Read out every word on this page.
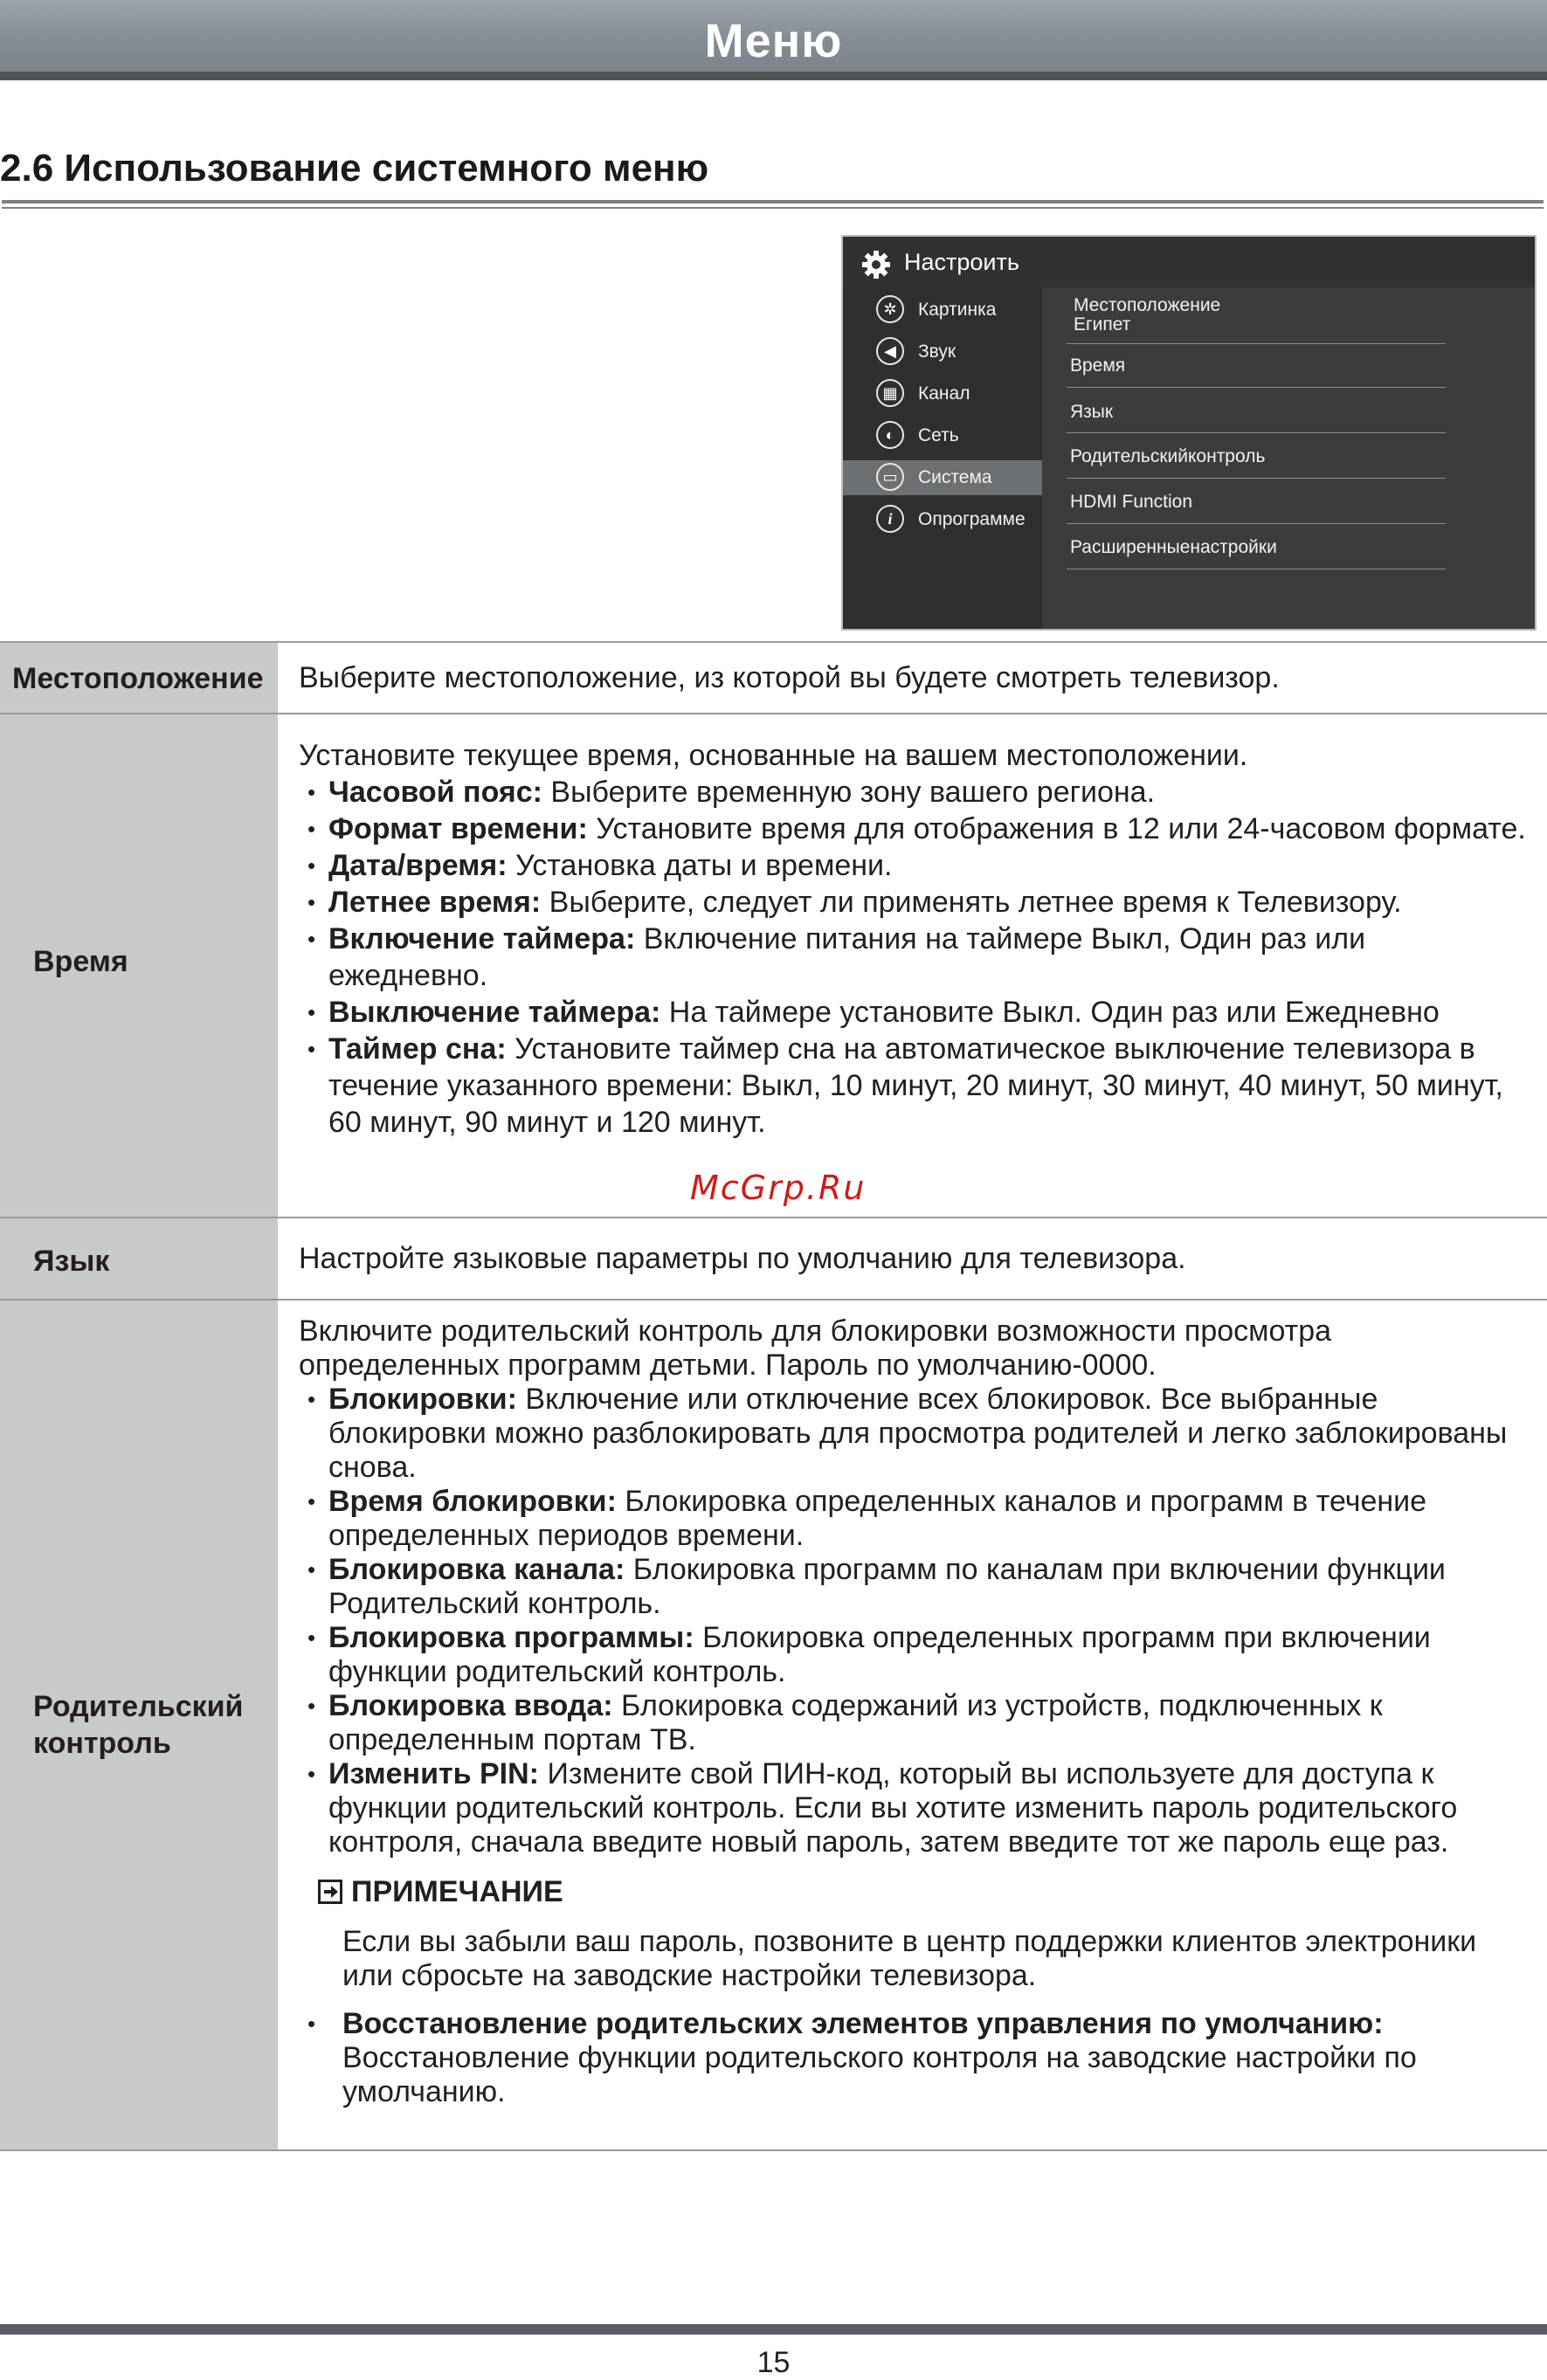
Меню
2.6 Использование системного меню
Настроить
✲	Картинка
◀	Звук
▦	Канал
◐	Сеть
▭	Система
i	Опрограмме
Местоположение
Египет
Время
Язык
Родительскийконтроль
HDMI Function
Расширенныенастройки
Местоположение Выберите местоположение, из которой вы будете смотреть телевизор.
Время
Установите текущее время, основанные на вашем местоположении.
• Часовой пояс: Выберите временную зону вашего региона.
• Формат времени: Установите время для отображения в 12 или 24-часовом формате.
• Дата/время: Установка даты и времени.
• Летнее время: Выберите, следует ли применять летнее время к Телевизору.
• Включение таймера: Включение питания на таймере Выкл, Один раз или ежедневно.
• Выключение таймера: На таймере установите Выкл. Один раз или Ежедневно
• Таймер сна: Установите таймер сна на автоматическое выключение телевизора в течение указанного времени: Выкл, 10 минут, 20 минут, 30 минут, 40 минут, 50 минут, 60 минут, 90 минут и 120 минут.
Язык	Настройте языковые параметры по умолчанию для телевизора.
Родительский контроль
Включите родительский контроль для блокировки возможности просмотра определенных программ детьми. Пароль по умолчанию-0000.
• Блокировки: Включение или отключение всех блокировок. Все выбранные блокировки можно разблокировать для просмотра родителей и легко заблокированы снова.
• Время блокировки: Блокировка определенных каналов и программ в течение определенных периодов времени.
• Блокировка канала: Блокировка программ по каналам при включении функции Родительский контроль.
• Блокировка программы: Блокировка определенных программ при включении функции родительский контроль.
• Блокировка ввода: Блокировка содержаний из устройств, подключенных к определенным портам ТВ.
• Изменить PIN: Измените свой ПИН-код, который вы используете для доступа к функции родительский контроль. Если вы хотите изменить пароль родительского контроля, сначала введите новый пароль, затем введите тот же пароль еще раз.
ПРИМЕЧАНИЕ
Если вы забыли ваш пароль, позвоните в центр поддержки клиентов электроники или сбросьте на заводские настройки телевизора.
• Восстановление родительских элементов управления по умолчанию: Восстановление функции родительского контроля на заводские настройки по умолчанию.
McGrp.Ru
15
